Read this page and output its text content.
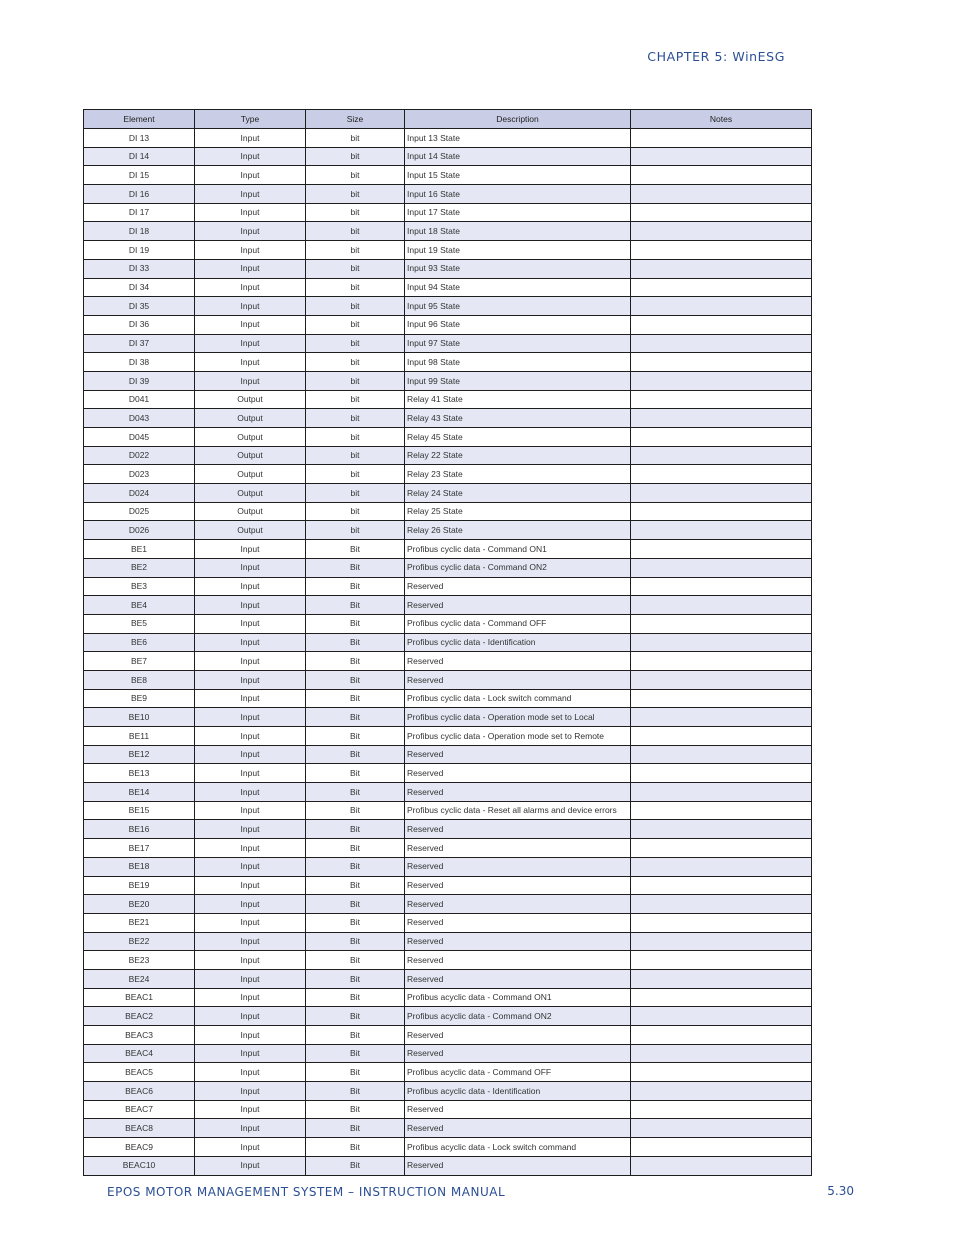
CHAPTER 5: WinESG
Element	Type	Size	Description	Notes
DI 13	Input	bit	Input 13 State	
DI 14	Input	bit	Input 14 State	
DI 15	Input	bit	Input 15 State	
DI 16	Input	bit	Input 16 State	
DI 17	Input	bit	Input 17 State	
DI 18	Input	bit	Input 18 State	
DI 19	Input	bit	Input 19 State	
DI 33	Input	bit	Input 93 State	
DI 34	Input	bit	Input 94 State	
DI 35	Input	bit	Input 95 State	
DI 36	Input	bit	Input 96 State	
DI 37	Input	bit	Input 97 State	
DI 38	Input	bit	Input 98 State	
DI 39	Input	bit	Input 99 State	
D041	Output	bit	Relay 41 State	
D043	Output	bit	Relay 43 State	
D045	Output	bit	Relay 45 State	
D022	Output	bit	Relay 22 State	
D023	Output	bit	Relay 23 State	
D024	Output	bit	Relay 24 State	
D025	Output	bit	Relay 25 State	
D026	Output	bit	Relay 26 State	
BE1	Input	Bit	Profibus cyclic data - Command ON1	
BE2	Input	Bit	Profibus cyclic data - Command ON2	
BE3	Input	Bit	Reserved	
BE4	Input	Bit	Reserved	
BE5	Input	Bit	Profibus cyclic data - Command OFF	
BE6	Input	Bit	Profibus cyclic data - Identification	
BE7	Input	Bit	Reserved	
BE8	Input	Bit	Reserved	
BE9	Input	Bit	Profibus cyclic data - Lock switch command	
BE10	Input	Bit	Profibus cyclic data - Operation mode set to Local	
BE11	Input	Bit	Profibus cyclic data - Operation mode set to Remote	
BE12	Input	Bit	Reserved	
BE13	Input	Bit	Reserved	
BE14	Input	Bit	Reserved	
BE15	Input	Bit	Profibus cyclic data - Reset all alarms and device errors	
BE16	Input	Bit	Reserved	
BE17	Input	Bit	Reserved	
BE18	Input	Bit	Reserved	
BE19	Input	Bit	Reserved	
BE20	Input	Bit	Reserved	
BE21	Input	Bit	Reserved	
BE22	Input	Bit	Reserved	
BE23	Input	Bit	Reserved	
BE24	Input	Bit	Reserved	
BEAC1	Input	Bit	Profibus acyclic data - Command ON1	
BEAC2	Input	Bit	Profibus acyclic data - Command ON2	
BEAC3	Input	Bit	Reserved	
BEAC4	Input	Bit	Reserved	
BEAC5	Input	Bit	Profibus acyclic data - Command OFF	
BEAC6	Input	Bit	Profibus acyclic data - Identification	
BEAC7	Input	Bit	Reserved	
BEAC8	Input	Bit	Reserved	
BEAC9	Input	Bit	Profibus acyclic data - Lock switch command	
BEAC10	Input	Bit	Reserved	
EPOS MOTOR MANAGEMENT SYSTEM – INSTRUCTION MANUAL	5.30
